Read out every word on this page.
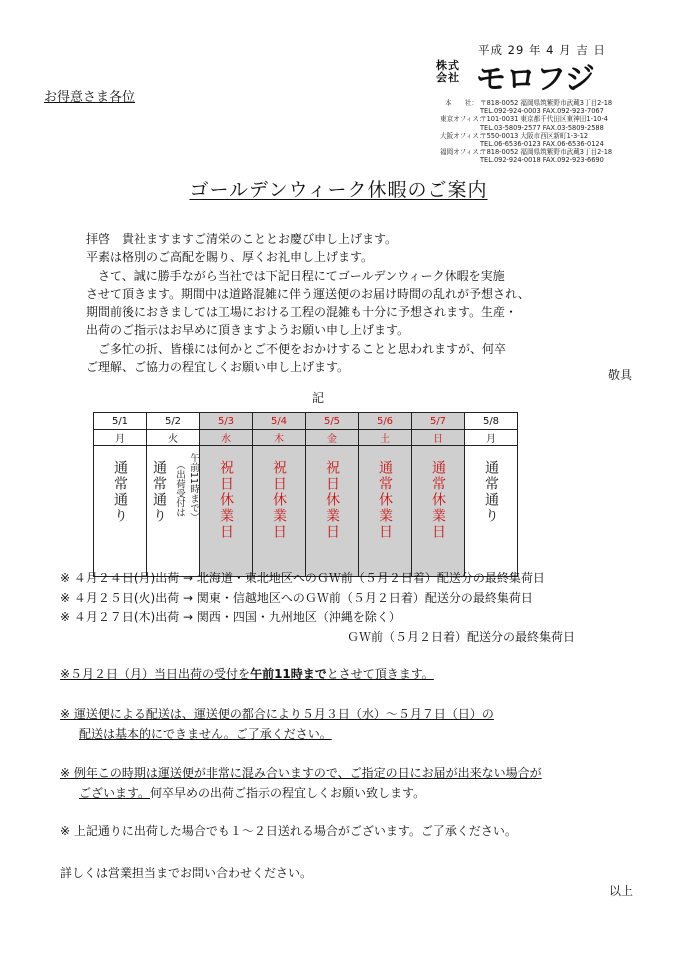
平成 29 年 4 月 吉 日
お得意さま各位
株式
会社 モロフジ
本　　社： 〒818-0052 福岡県筑紫野市武蔵3丁目2-18
TEL.092-924-0003 FAX.092-923-7067
東京オフィス：〒101-0031 東京都千代田区東神田1-10-4
TEL.03-5809-2577 FAX.03-5809-2588
大阪オフィス：〒550-0013 大阪市西区新町1-3-12
TEL.06-6536-0123 FAX.06-6536-0124
福岡オフィス：〒818-0052 福岡県筑紫野市武蔵3丁目2-18
TEL.092-924-0018 FAX.092-923-6690
ゴールデンウィーク休暇のご案内

拝啓　貴社ますますご清栄のこととお慶び申し上げます。

平素は格別のご高配を賜り、厚くお礼申し上げます。

　さて、誠に勝手ながら当社では下記日程にてゴールデンウィーク休暇を実施

させて頂きます。期間中は道路混雑に伴う運送便のお届け時間の乱れが予想され、

期間前後におきましては工場における工程の混雑も十分に予想されます。生産・

出荷のご指示はお早めに頂きますようお願い申し上げます。

　ご多忙の折、皆様には何かとご不便をおかけすることと思われますが、何卒

ご理解、ご協力の程宜しくお願い申し上げます。

敬具
記
5/1	5/2	5/3	5/4	5/5	5/6	5/7	5/8
月	火	水	木	金	土	日	月
通常通り	通常通り （出荷受付は 午前11時まで）	祝日休業日	祝日休業日	祝日休業日	通常休業日	通常休業日	通常通り

※ ４月２４日(月)出荷 → 北海道・東北地区へのＧＷ前（５月２日着）配送分の最終集荷日

※ ４月２５日(火)出荷 → 関東・信越地区へのＧＷ前（５月２日着）配送分の最終集荷日

※ ４月２７日(木)出荷 → 関西・四国・九州地区（沖縄を除く）

ＧＷ前（５月２日着）配送分の最終集荷日

※５月２日（月）当日出荷の受付を午前11時までとさせて頂きます。

※ 運送便による配送は、運送便の都合により５月３日（水）～５月７日（日）の

配送は基本的にできません。ご了承ください。

※ 例年この時期は運送便が非常に混み合いますので、ご指定の日にお届が出来ない場合が

ございます。何卒早めの出荷ご指示の程宜しくお願い致します。

※ 上記通りに出荷した場合でも１～２日送れる場合がございます。ご了承ください。
詳しくは営業担当までお問い合わせください。
以上
